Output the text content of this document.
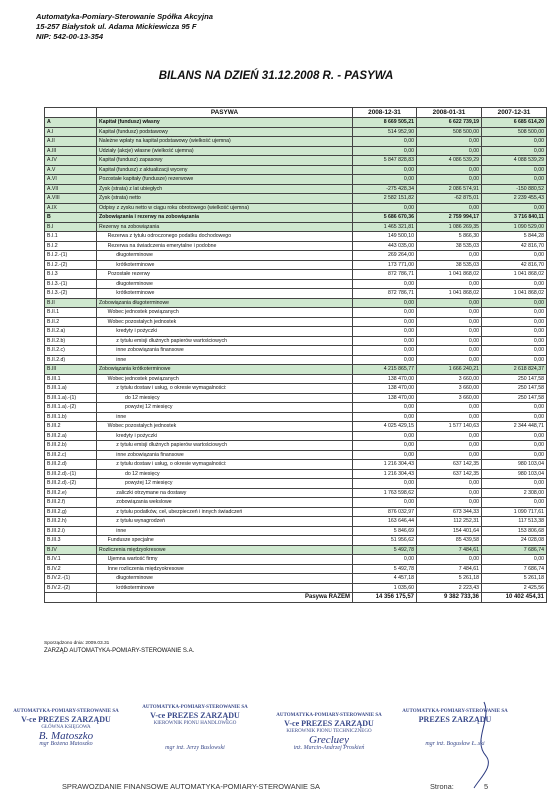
Automatyka-Pomiary-Sterowanie Spółka Akcyjna
15-257 Białystok ul. Adama Mickiewicza 95 F
NIP: 542-00-13-354
BILANS NA DZIEŃ 31.12.2008 R. - PASYWA
	PASYWA	2008-12-31	2008-01-31	2007-12-31
A	Kapitał (fundusz) własny	8 669 505,21	6 622 739,19	6 685 614,20
A.I	Kapitał (fundusz) podstawowy	514 952,90	508 500,00	508 500,00
A.II	Należne wpłaty na kapitał podstawowy (wielkość ujemna)	0,00	0,00	0,00
A.III	Udziały (akcje) własne (wielkość ujemna)	0,00	0,00	0,00
A.IV	Kapitał (fundusz) zapasowy	5 847 828,83	4 086 539,29	4 088 539,29
A.V	Kapitał (fundusz) z aktualizacji wyceny	0,00	0,00	0,00
A.VI	Pozostałe kapitały (fundusze) rezerwowe	0,00	0,00	0,00
A.VII	Zysk (strata) z lat ubiegłych	-275 428,34	2 086 574,91	-150 880,52
A.VIII	Zysk (strata) netto	2 582 151,82	-62 875,01	2 239 455,43
A.IX	Odpisy z zysku netto w ciągu roku obrotowego (wielkość ujemna)	0,00	0,00	0,00
B	Zobowiązania i rezerwy na zobowiązania	5 686 670,36	2 759 994,17	3 716 840,11
B.I	Rezerwy na zobowiązania	1 465 321,81	1 086 269,35	1 090 529,00
B.I.1	Rezerwa z tytułu odroczonego podatku dochodowego	149 500,10	5 866,30	5 844,28
B.I.2	Rezerwa na świadczenia emerytalne i podobne	443 035,00	38 535,03	42 816,70
B.I.2.-(1)	długoterminowe	269 264,00	0,00	0,00
B.I.2.-(2)	krótkoterminowe	173 771,00	38 535,03	42 816,70
B.I.3	Pozostałe rezerwy	872 786,71	1 041 868,02	1 041 868,02
B.I.3.-(1)	długoterminowe	0,00	0,00	0,00
B.I.3.-(2)	krótkoterminowe	872 786,71	1 041 868,02	1 041 868,02
B.II	Zobowiązania długoterminowe	0,00	0,00	0,00
B.II.1	Wobec jednostek powiązanych	0,00	0,00	0,00
B.II.2	Wobec pozostałych jednostek	0,00	0,00	0,00
B.II.2.a)	kredyty i pożyczki	0,00	0,00	0,00
B.II.2.b)	z tytułu emisji dłużnych papierów wartościowych	0,00	0,00	0,00
B.II.2.c)	inne zobowiązania finansowe	0,00	0,00	0,00
B.II.2.d)	inne	0,00	0,00	0,00
B.III	Zobowiązania krótkoterminowe	4 215 865,77	1 666 240,21	2 618 824,37
B.III.1	Wobec jednostek powiązanych	138 470,00	3 660,00	250 147,58
B.III.1.a)	z tytułu dostaw i usług, o okresie wymagalności:	138 470,00	3 660,00	250 147,58
B.III.1.a).-(1)	do 12 miesięcy	138 470,00	3 660,00	250 147,58
B.III.1.a).-(2)	powyżej 12 miesięcy	0,00	0,00	0,00
B.III.1.b)	inne	0,00	0,00	0,00
B.III.2	Wobec pozostałych jednostek	4 025 429,15	1 577 140,63	2 344 448,71
B.III.2.a)	kredyty i pożyczki	0,00	0,00	0,00
B.III.2.b)	z tytułu emisji dłużnych papierów wartościowych	0,00	0,00	0,00
B.III.2.c)	inne zobowiązania finansowe	0,00	0,00	0,00
B.III.2.d)	z tytułu dostaw i usług, o okresie wymagalności:	1 216 304,43	637 142,35	980 103,04
B.III.2.d).-(1)	do 12 miesięcy	1 216 304,43	637 142,35	980 103,04
B.III.2.d).-(2)	powyżej 12 miesięcy	0,00	0,00	0,00
B.III.2.e)	zaliczki otrzymane na dostawy	1 763 598,62	0,00	2 308,00
B.III.2.f)	zobowiązania wekslowe	0,00	0,00	0,00
B.III.2.g)	z tytułu podatków, ceł, ubezpieczeń i innych świadczeń	876 032,97	673 344,33	1 090 717,61
B.III.2.h)	z tytułu wynagrodzeń	163 646,44	112 252,31	117 513,38
B.III.2.i)	inne	5 846,69	154 401,64	153 806,68
B.III.3	Fundusze specjalne	51 956,62	85 439,58	24 028,08
B.IV	Rozliczenia międzyokresowe	5 492,78	7 484,61	7 686,74
B.IV.1	Ujemna wartość firmy	0,00	0,00	0,00
B.IV.2	Inne rozliczenia międzyokresowe	5 492,78	7 484,61	7 686,74
B.IV.2.-(1)	długoterminowe	4 457,18	5 261,18	5 261,18
B.IV.2.-(2)	krótkoterminowe	1 035,60	2 223,43	2 425,56
	Pasywa RAZEM	14 356 175,57	9 382 733,36	10 402 454,31
Sporządzono dnia: 2009.03.31
ZARZĄD AUTOMATYKA-POMIARY-STEROWANIE S.A.
AUTOMATYKA-POMIARY-STEROWANIE SA
V-ce PREZES ZARZĄDU
GŁÓWNA KSIĘGOWA
B. Matoszko
mgr Bożena Matoszko
AUTOMATYKA-POMIARY-STEROWANIE SA
V-ce PREZES ZARZĄDU
KIEROWNIK PIONU HANDLOWEGO
mgr inż. Jerzy Buslowski
AUTOMATYKA-POMIARY-STEROWANIE SA
V-ce PREZES ZARZĄDU
KIEROWNIK PIONU TECHNICZNEGO
Grecluey
inż. Marcin-Andrzej Proskień
AUTOMATYKA-POMIARY-STEROWANIE SA
PREZES ZARZĄDU
mgr inż. Bogusław Ł..ski
SPRAWOZDANIE FINANSOWE AUTOMATYKA-POMIARY-STEROWANIE SA	Strona:	5
